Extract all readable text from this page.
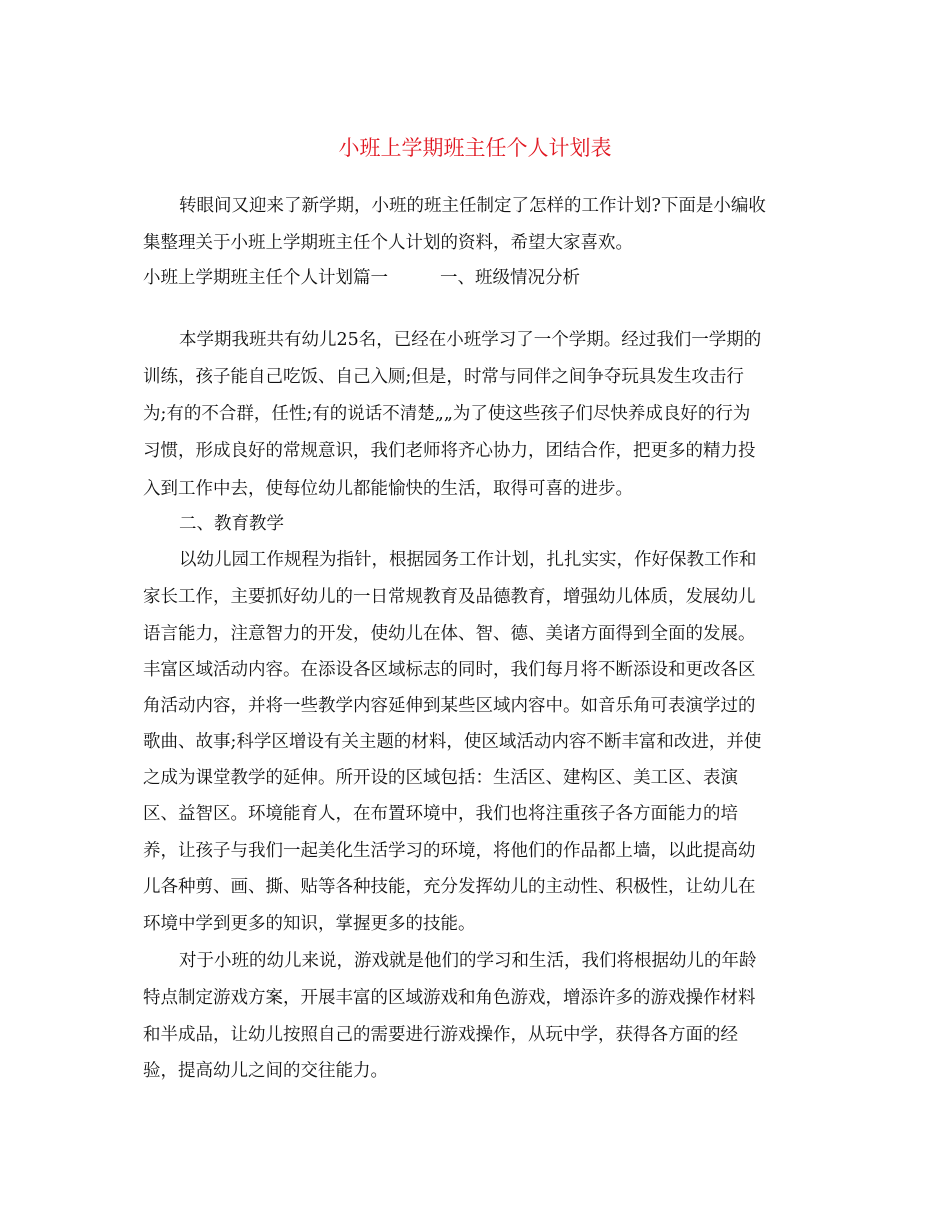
小班上学期班主任个人计划表

转眼间又迎来了新学期，小班的班主任制定了怎样的工作计划?下面是小编收

集整理关于小班上学期班主任个人计划的资料，希望大家喜欢。

小班上学期班主任个人计划篇一	一、班级情况分析

本学期我班共有幼儿25名，已经在小班学习了一个学期。经过我们一学期的

训练，孩子能自己吃饭、自己入厕;但是，时常与同伴之间争夺玩具发生攻击行

为;有的不合群，任性;有的说话不清楚„„为了使这些孩子们尽快养成良好的行为

习惯，形成良好的常规意识，我们老师将齐心协力，团结合作，把更多的精力投

入到工作中去，使每位幼儿都能愉快的生活，取得可喜的进步。

二、教育教学

以幼儿园工作规程为指针，根据园务工作计划，扎扎实实，作好保教工作和

家长工作，主要抓好幼儿的一日常规教育及品德教育，增强幼儿体质，发展幼儿

语言能力，注意智力的开发，使幼儿在体、智、德、美诸方面得到全面的发展。

丰富区域活动内容。在添设各区域标志的同时，我们每月将不断添设和更改各区

角活动内容，并将一些教学内容延伸到某些区域内容中。如音乐角可表演学过的

歌曲、故事;科学区增设有关主题的材料，使区域活动内容不断丰富和改进，并使

之成为课堂教学的延伸。所开设的区域包括：生活区、建构区、美工区、表演

区、益智区。环境能育人，在布置环境中，我们也将注重孩子各方面能力的培

养，让孩子与我们一起美化生活学习的环境，将他们的作品都上墙，以此提高幼

儿各种剪、画、撕、贴等各种技能，充分发挥幼儿的主动性、积极性，让幼儿在

环境中学到更多的知识，掌握更多的技能。

对于小班的幼儿来说，游戏就是他们的学习和生活，我们将根据幼儿的年龄

特点制定游戏方案，开展丰富的区域游戏和角色游戏，增添许多的游戏操作材料

和半成品，让幼儿按照自己的需要进行游戏操作，从玩中学，获得各方面的经

验，提高幼儿之间的交往能力。
